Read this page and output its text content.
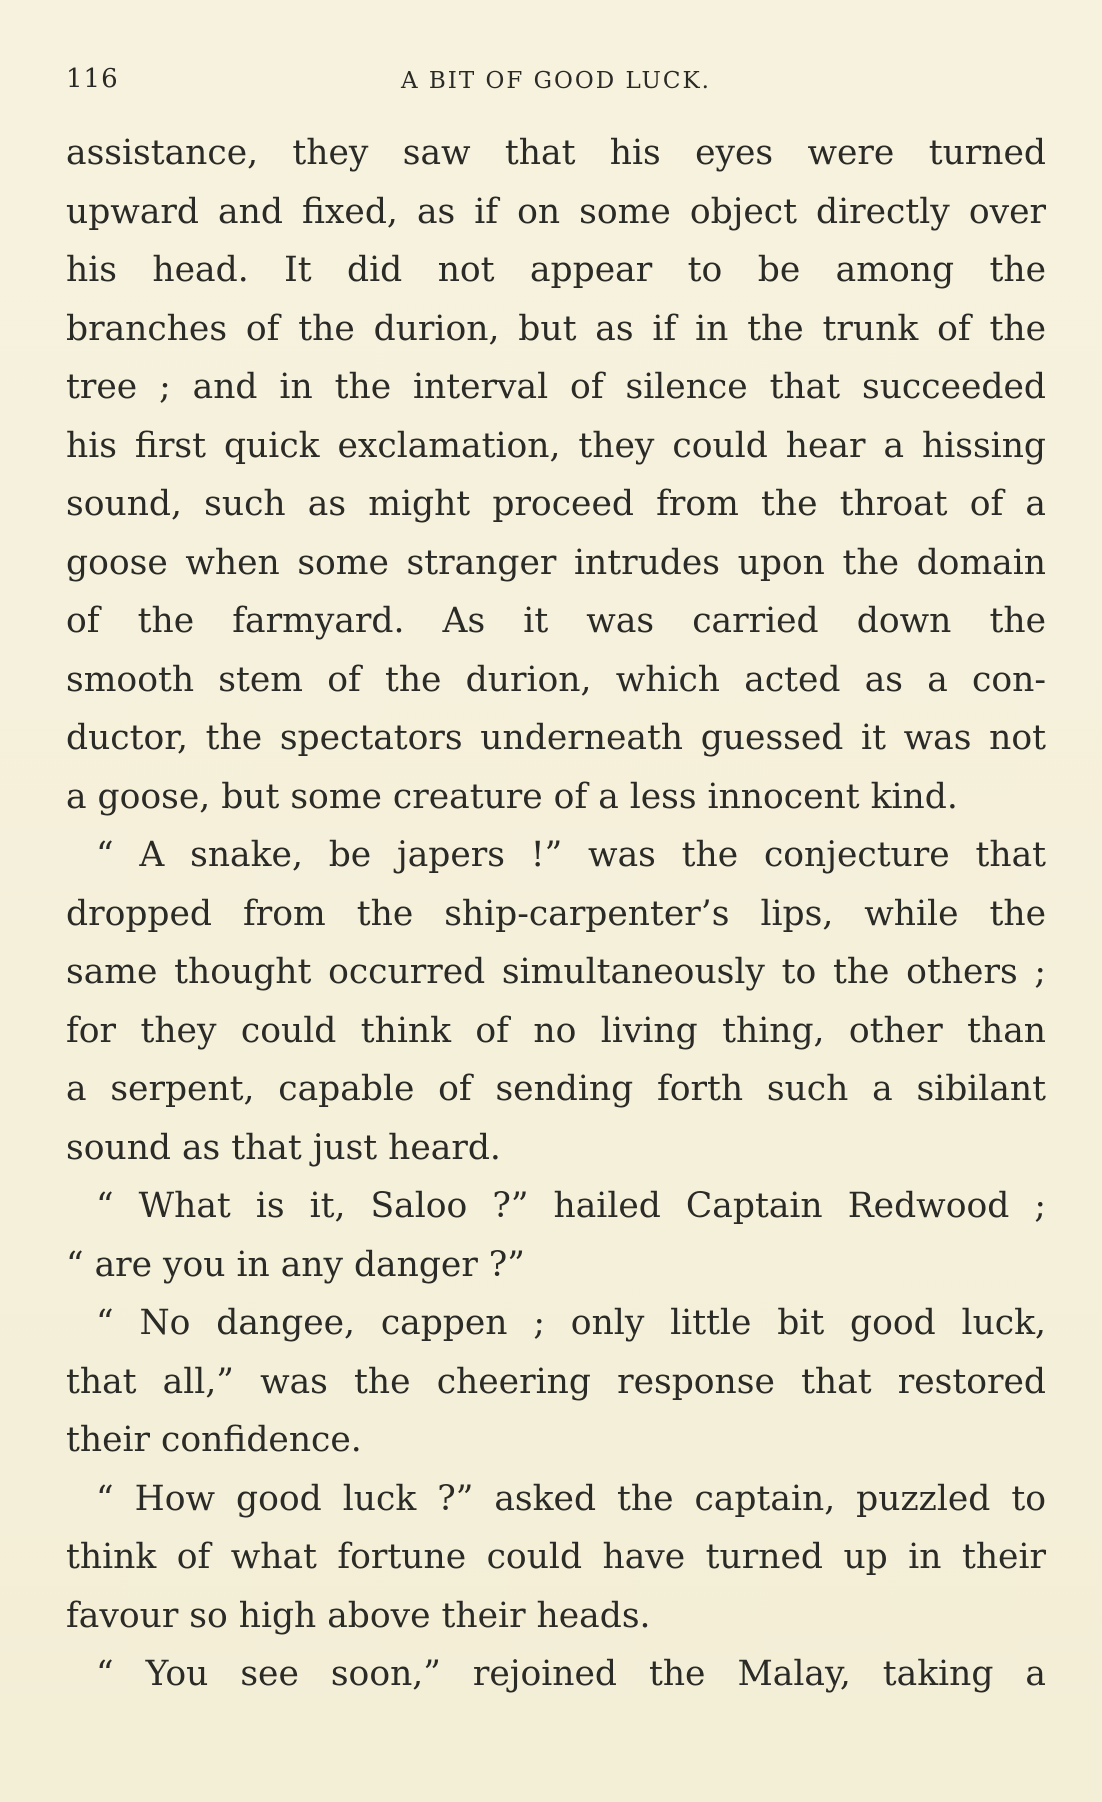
116	A BIT OF GOOD LUCK.
assistance, they saw that his eyes were turned
upward and fixed, as if on some object directly over
his head. It did not appear to be among the
branches of the durion, but as if in the trunk of the
tree ; and in the interval of silence that succeeded
his first quick exclamation, they could hear a hissing
sound, such as might proceed from the throat of a
goose when some stranger intrudes upon the domain
of the farmyard. As it was carried down the
smooth stem of the durion, which acted as a con-
ductor, the spectators underneath guessed it was not
a goose, but some creature of a less innocent kind.
“ A snake, be japers !” was the conjecture that
dropped from the ship-carpenter’s lips, while the
same thought occurred simultaneously to the others ;
for they could think of no living thing, other than
a serpent, capable of sending forth such a sibilant
sound as that just heard.
“ What is it, Saloo ?” hailed Captain Redwood ;
“ are you in any danger ?”
“ No dangee, cappen ; only little bit good luck,
that all,” was the cheering response that restored
their confidence.
“ How good luck ?” asked the captain, puzzled to
think of what fortune could have turned up in their
favour so high above their heads.
“ You see soon,” rejoined the Malay, taking a
